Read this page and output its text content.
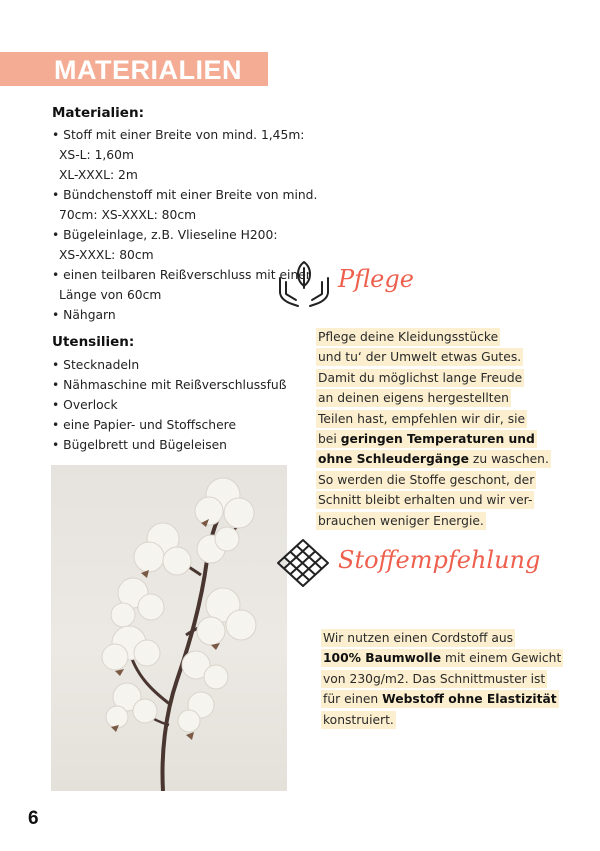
MATERIALIEN
Materialien:
• Stoff mit einer Breite von mind. 1,45m:
XS-L: 1,60m
XL-XXXL: 2m
• Bündchenstoff mit einer Breite von mind.
70cm: XS-XXXL: 80cm
• Bügeleinlage, z.B. Vlieseline H200:
XS-XXXL: 80cm
• einen teilbaren Reißverschluss mit einer
Länge von 60cm
• Nähgarn
Utensilien:
• Stecknadeln
• Nähmaschine mit Reißverschlussfuß
• Overlock
• eine Papier- und Stoffschere
• Bügelbrett und Bügeleisen
Pflege

Pflege deine Kleidungsstücke
und tu‘ der Umwelt etwas Gutes.
Damit du möglichst lange Freude
an deinen eigens hergestellten
Teilen hast, empfehlen wir dir, sie
bei geringen Temperaturen und
ohne Schleudergänge zu waschen.
So werden die Stoffe geschont, der
Schnitt bleibt erhalten und wir ver-
brauchen weniger Energie.

Stoffempfehlung

Wir nutzen einen Cordstoff aus
100% Baumwolle mit einem Gewicht
von 230g/m2. Das Schnittmuster ist
für einen Webstoff ohne Elastizität
konstruiert.

6
